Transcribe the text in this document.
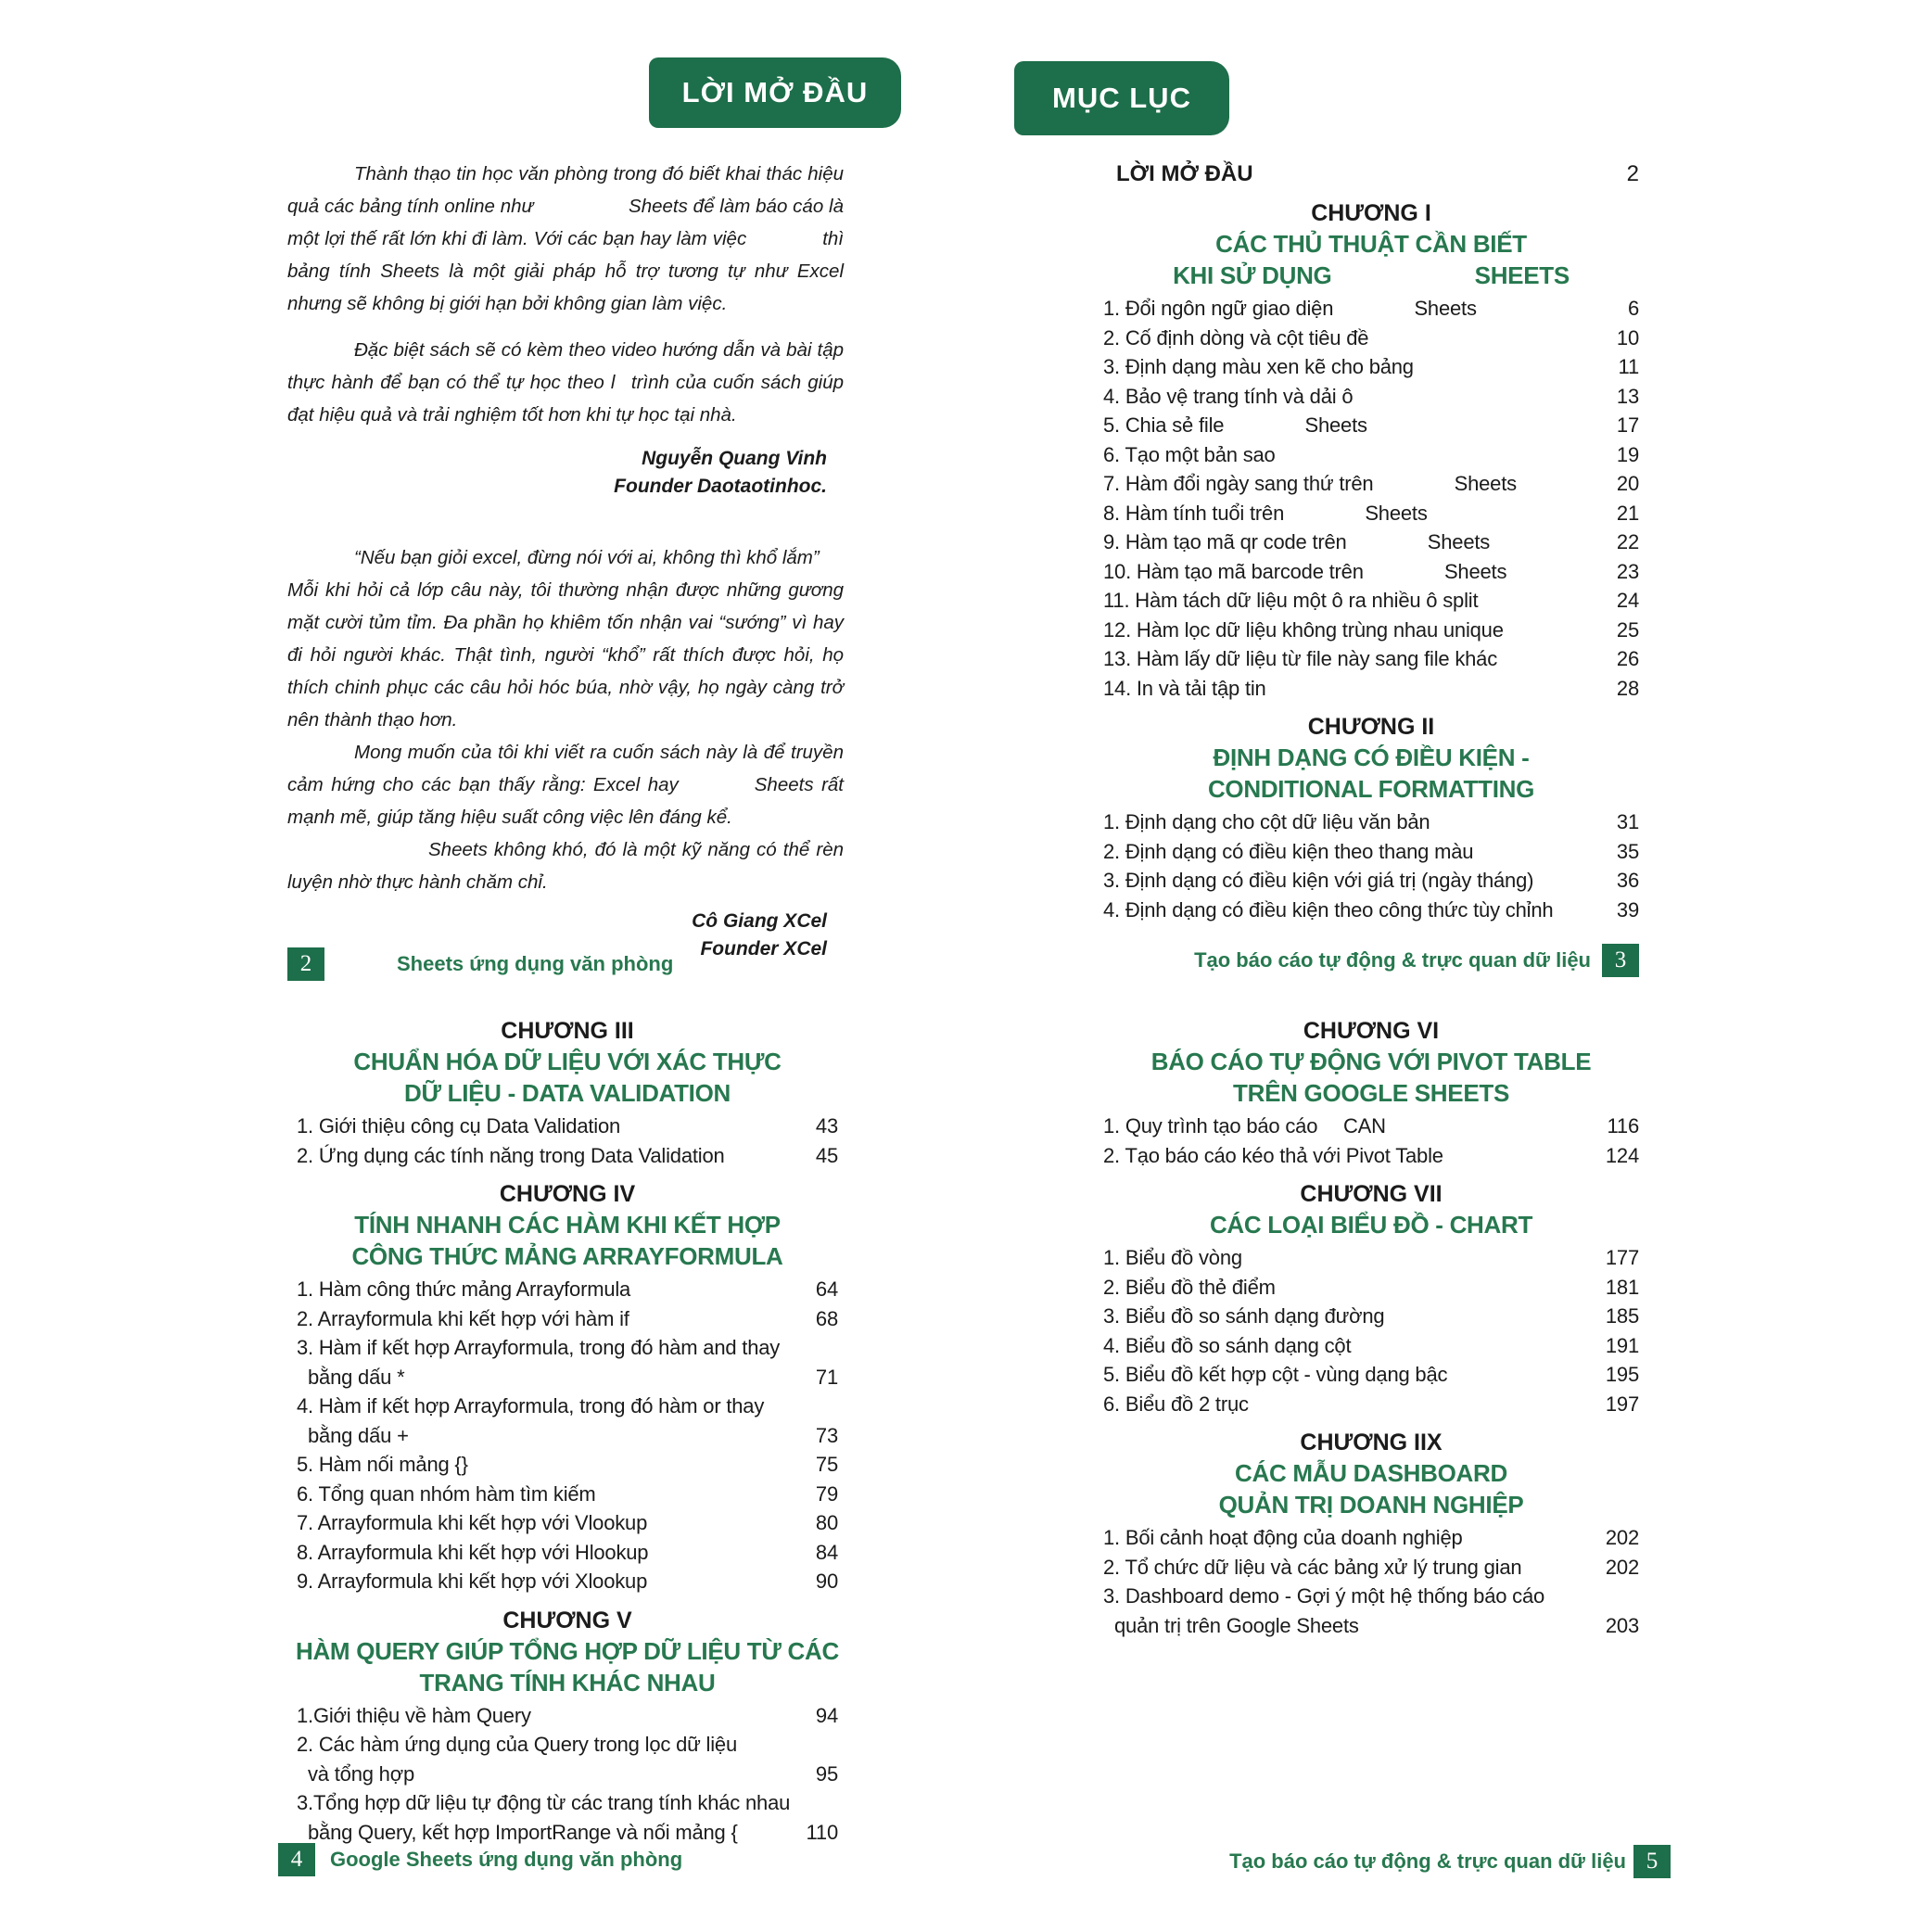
LỜI MỞ ĐẦU

Thành thạo tin học văn phòng trong đó biết khai thác hiệu quả các bảng tính online như     Sheets để làm báo cáo là một lợi thế rất lớn khi đi làm. Với các bạn hay làm việc    thì bảng tính Sheets là một giải pháp hỗ trợ tương tự như Excel nhưng sẽ không bị giới hạn bởi không gian làm việc.

Đặc biệt sách sẽ có kèm theo video hướng dẫn và bài tập thực hành để bạn có thể tự học theo l  trình của cuốn sách giúp đạt hiệu quả và trải nghiệm tốt hơn khi tự học tại nhà.

Nguyễn Quang Vinh
Founder Daotaotinhoc.

“Nếu bạn giỏi excel, đừng nói với ai, không thì khổ lắm”

Mỗi khi hỏi cả lớp câu này, tôi thường nhận được những gương mặt cười tủm tỉm. Đa phần họ khiêm tốn nhận vai “sướng” vì hay đi hỏi người khác. Thật tình, người “khổ” rất thích được hỏi, họ thích chinh phục các câu hỏi hóc búa, nhờ vậy, họ ngày càng trở nên thành thạo hơn.

Mong muốn của tôi khi viết ra cuốn sách này là để truyền cảm hứng cho các bạn thấy rằng: Excel hay    Sheets rất mạnh mẽ, giúp tăng hiệu suất công việc lên đáng kể.

Sheets không khó, đó là một kỹ năng có thể rèn luyện nhờ thực hành chăm chỉ.

Cô Giang XCel
Founder XCel
MỤC LỤC
LỜI MỞ ĐẦU	2
CHƯƠNG I
CÁC THỦ THUẬT CẦN BIẾT
KHI SỬ DỤNG      SHEETS
1. Đổi ngôn ngữ giao diện    Sheets	6
2. Cố định dòng và cột tiêu đề	10
3. Định dạng màu xen kẽ cho bảng	11
4. Bảo vệ trang tính và dải ô	13
5. Chia sẻ file    Sheets	17
6. Tạo một bản sao	19
7. Hàm đổi ngày sang thứ trên    Sheets	20
8. Hàm tính tuổi trên    Sheets	21
9. Hàm tạo mã qr code trên    Sheets	22
10. Hàm tạo mã barcode trên    Sheets	23
11. Hàm tách dữ liệu một ô ra nhiều ô split	24
12. Hàm lọc dữ liệu không trùng nhau unique	25
13. Hàm lấy dữ liệu từ file này sang file khác	26
14. In và tải tập tin	28
CHƯƠNG II
ĐỊNH DẠNG CÓ ĐIỀU KIỆN -
CONDITIONAL FORMATTING
1. Định dạng cho cột dữ liệu văn bản	31
2. Định dạng có điều kiện theo thang màu	35
3. Định dạng có điều kiện với giá trị (ngày tháng)	36
4. Định dạng có điều kiện theo công thức tùy chỉnh	39
CHƯƠNG III
CHUẨN HÓA DỮ LIỆU VỚI XÁC THỰC
DỮ LIỆU - DATA VALIDATION
1. Giới thiệu công cụ Data Validation	43
2. Ứng dụng các tính năng trong Data Validation	45
CHƯƠNG IV
TÍNH NHANH CÁC HÀM KHI KẾT HỢP
CÔNG THỨC MẢNG ARRAYFORMULA
1. Hàm công thức mảng Arrayformula	64
2. Arrayformula khi kết hợp với hàm if	68
3. Hàm if kết hợp Arrayformula, trong đó hàm and thay
bằng dấu *	71
4. Hàm if kết hợp Arrayformula, trong đó hàm or thay
bằng dấu +	73
5. Hàm nối mảng {}	75
6. Tổng quan nhóm hàm tìm kiếm	79
7. Arrayformula khi kết hợp với Vlookup	80
8. Arrayformula khi kết hợp với Hlookup	84
9. Arrayformula khi kết hợp với Xlookup	90
CHƯƠNG V
HÀM QUERY GIÚP TỔNG HỢP DỮ LIỆU TỪ CÁC
TRANG TÍNH KHÁC NHAU
1.Giới thiệu về hàm Query	94
2. Các hàm ứng dụng của Query trong lọc dữ liệu
và tổng hợp	95
3.Tổng hợp dữ liệu tự động từ các trang tính khác nhau
bằng Query, kết hợp ImportRange và nối mảng {	110
CHƯƠNG VI
BÁO CÁO TỰ ĐỘNG VỚI PIVOT TABLE
TRÊN GOOGLE SHEETS
1. Quy trình tạo báo cáo  CAN	116
2. Tạo báo cáo kéo thả với Pivot Table	124
CHƯƠNG VII
CÁC LOẠI BIỂU ĐỒ - CHART
1. Biểu đồ vòng	177
2. Biểu đồ thẻ điểm	181
3. Biểu đồ so sánh dạng đường	185
4. Biểu đồ so sánh dạng cột	191
5. Biểu đồ kết hợp cột - vùng dạng bậc	195
6. Biểu đồ 2 trục	197
CHƯƠNG IIX
CÁC MẪU DASHBOARD
QUẢN TRỊ DOANH NGHIỆP
1. Bối cảnh hoạt động của doanh nghiệp	202
2. Tổ chức dữ liệu và các bảng xử lý trung gian	202
3. Dashboard demo - Gợi ý một hệ thống báo cáo
quản trị trên Google Sheets	203
2	Sheets ứng dụng văn phòng	Tạo báo cáo tự động & trực quan dữ liệu	3
4	Google Sheets ứng dụng văn phòng	Tạo báo cáo tự động & trực quan dữ liệu 5
